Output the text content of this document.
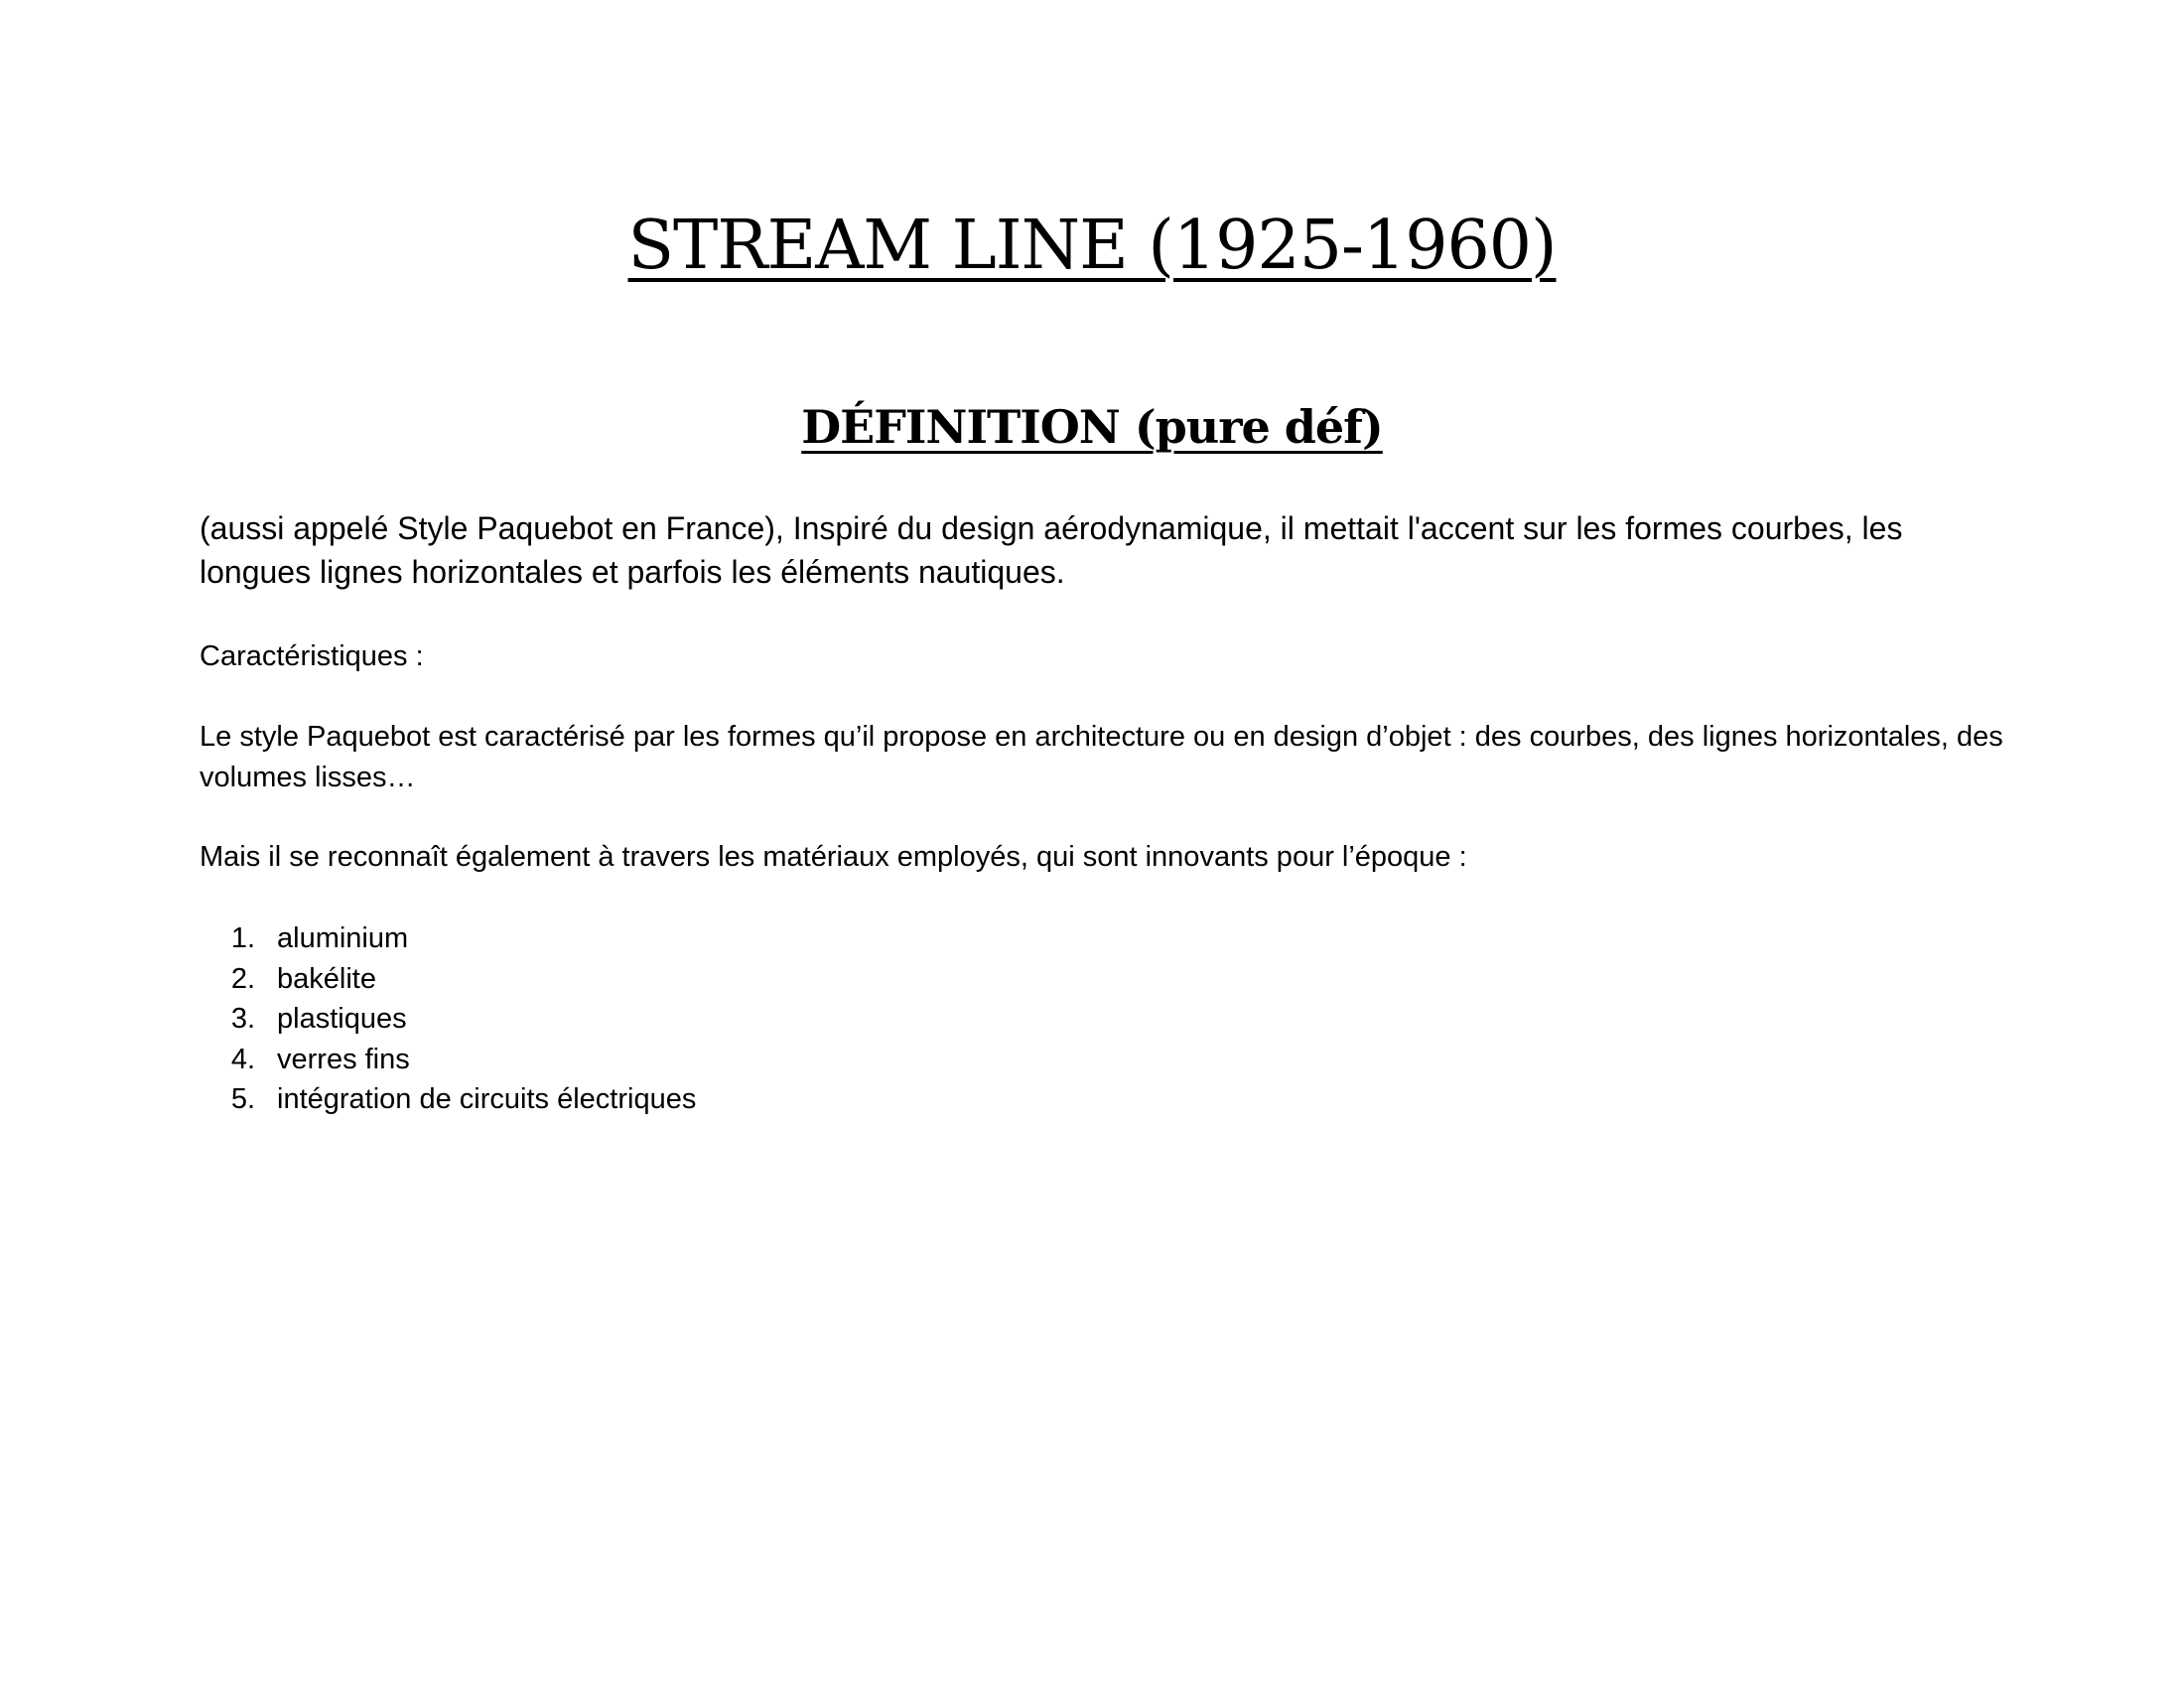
STREAM LINE (1925-1960)
DÉFINITION (pure déf)

(aussi appelé Style Paquebot en France), Inspiré du design aérodynamique, il mettait l'accent sur les formes courbes, les longues lignes horizontales et parfois les éléments nautiques.

Caractéristiques :

Le style Paquebot est caractérisé par les formes qu’il propose en architecture ou en design d’objet : des courbes, des lignes horizontales, des volumes lisses…

Mais il se reconnaît également à travers les matériaux employés, qui sont innovants pour l’époque :

1. aluminium
2. bakélite
3. plastiques
4. verres fins
5. intégration de circuits électriques
